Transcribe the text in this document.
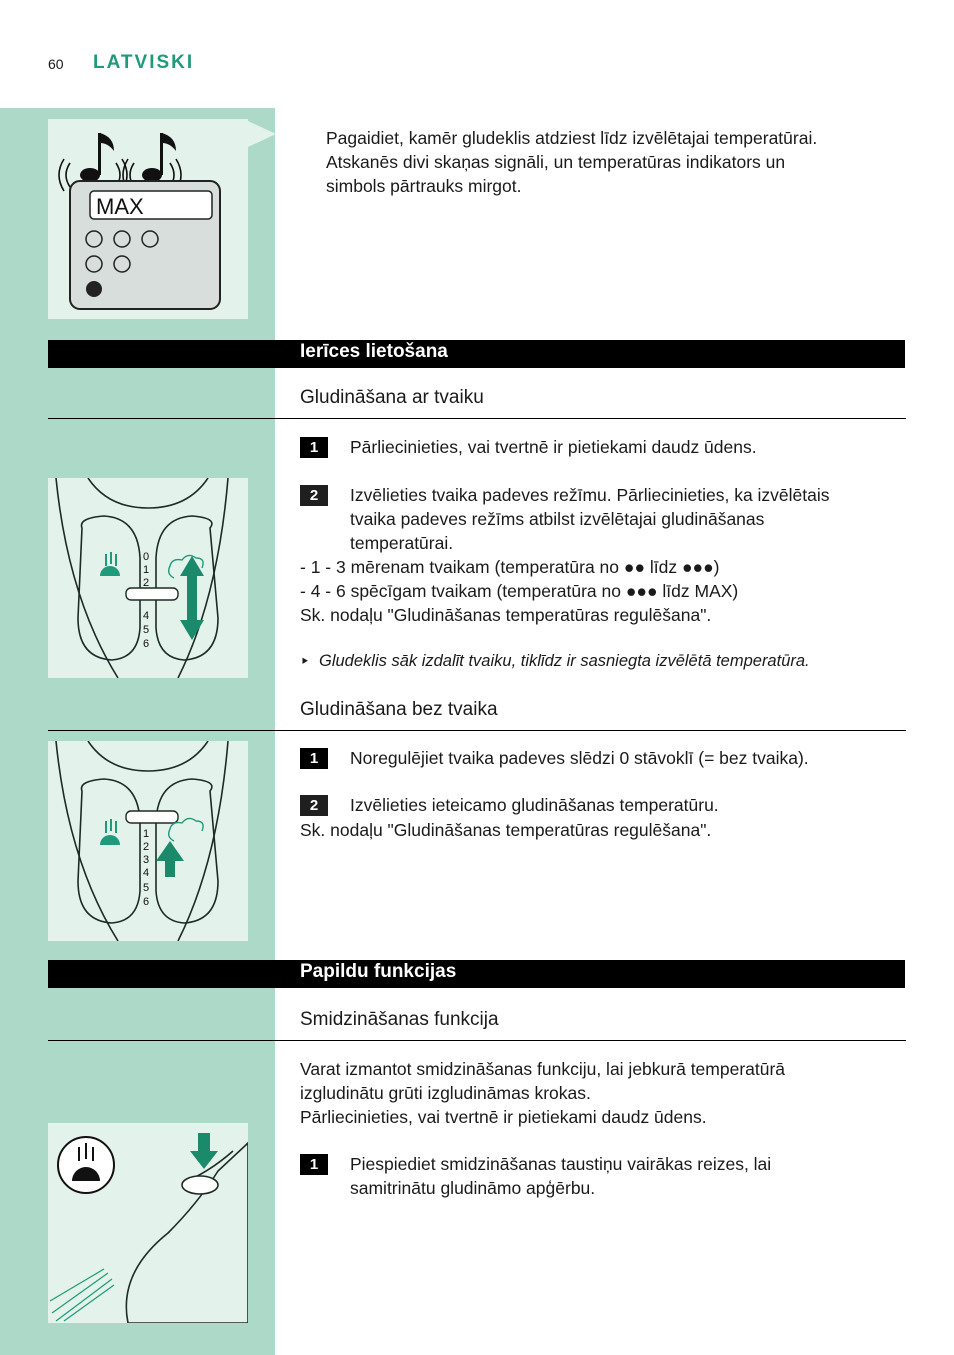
60 LATVISKI
MAX
Pagaidiet, kamēr gludeklis atdziest līdz izvēlētajai temperatūrai.
Atskanēs divi skaņas signāli, un temperatūras indikators un
simbols pārtrauks mirgot.
Ierīces lietošana
Gludināšana ar tvaiku
1	Pārliecinieties, vai tvertnē ir pietiekami daudz ūdens.
2	Izvēlieties tvaika padeves režīmu. Pārliecinieties, ka izvēlētais
tvaika padeves režīms atbilst izvēlētajai gludināšanas
temperatūrai.
- 1 - 3 mērenam tvaikam (temperatūra no ●● līdz ●●●)
- 4 - 6 spēcīgam tvaikam (temperatūra no ●●● līdz MAX)
Sk. nodaļu "Gludināšanas temperatūras regulēšana".
‣ Gludeklis sāk izdalīt tvaiku, tiklīdz ir sasniegta izvēlētā temperatūra.
0
1
2
4
5
6
Gludināšana bez tvaika
1	Noregulējiet tvaika padeves slēdzi 0 stāvoklī (= bez tvaika).
2	Izvēlieties ieteicamo gludināšanas temperatūru.
Sk. nodaļu "Gludināšanas temperatūras regulēšana".
1
2
3
4
5
6
Papildu funkcijas
Smidzināšanas funkcija
Varat izmantot smidzināšanas funkciju, lai jebkurā temperatūrā
izgludinātu grūti izgludināmas krokas.
Pārliecinieties, vai tvertnē ir pietiekami daudz ūdens.
1	Piespiediet smidzināšanas taustiņu vairākas reizes, lai
samitrinātu gludināmo apģērbu.
